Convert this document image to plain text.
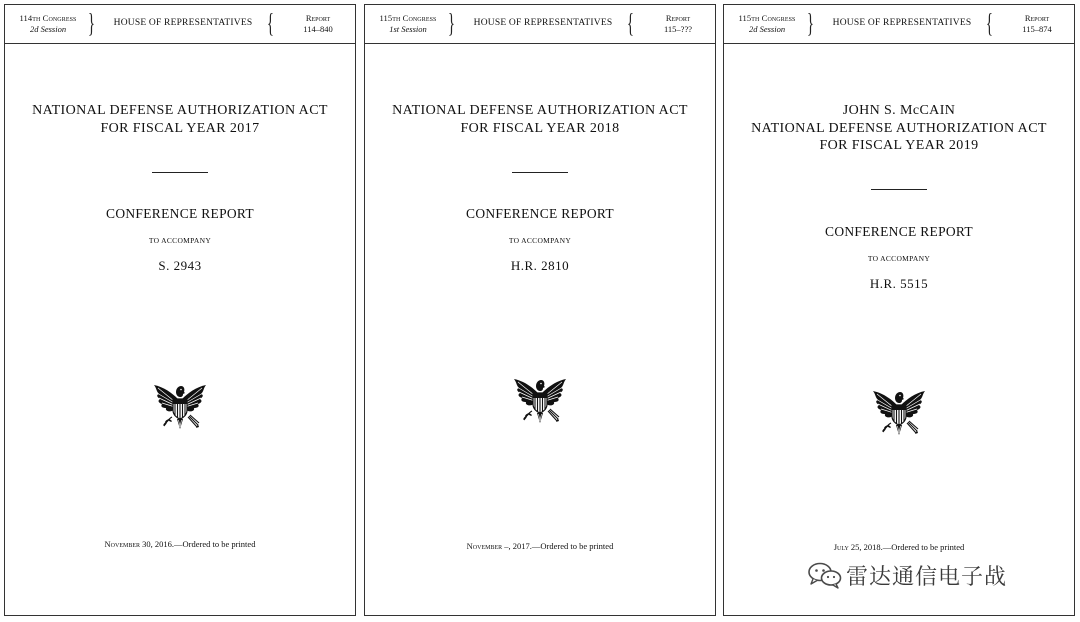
114th Congress
2d Session }	HOUSE OF REPRESENTATIVES {	Report
114–840
NATIONAL DEFENSE AUTHORIZATION ACT
FOR FISCAL YEAR 2017
CONFERENCE REPORT
TO ACCOMPANY
S. 2943
November 30, 2016.—Ordered to be printed
115th Congress
1st Session }	HOUSE OF REPRESENTATIVES {	Report
115–???
NATIONAL DEFENSE AUTHORIZATION ACT
FOR FISCAL YEAR 2018
CONFERENCE REPORT
TO ACCOMPANY
H.R. 2810
November –, 2017.—Ordered to be printed
115th Congress
2d Session }	HOUSE OF REPRESENTATIVES {	Report
115–874
JOHN S. McCAIN
NATIONAL DEFENSE AUTHORIZATION ACT
FOR FISCAL YEAR 2019
CONFERENCE REPORT
TO ACCOMPANY
H.R. 5515
July 25, 2018.—Ordered to be printed
雷达通信电子战
